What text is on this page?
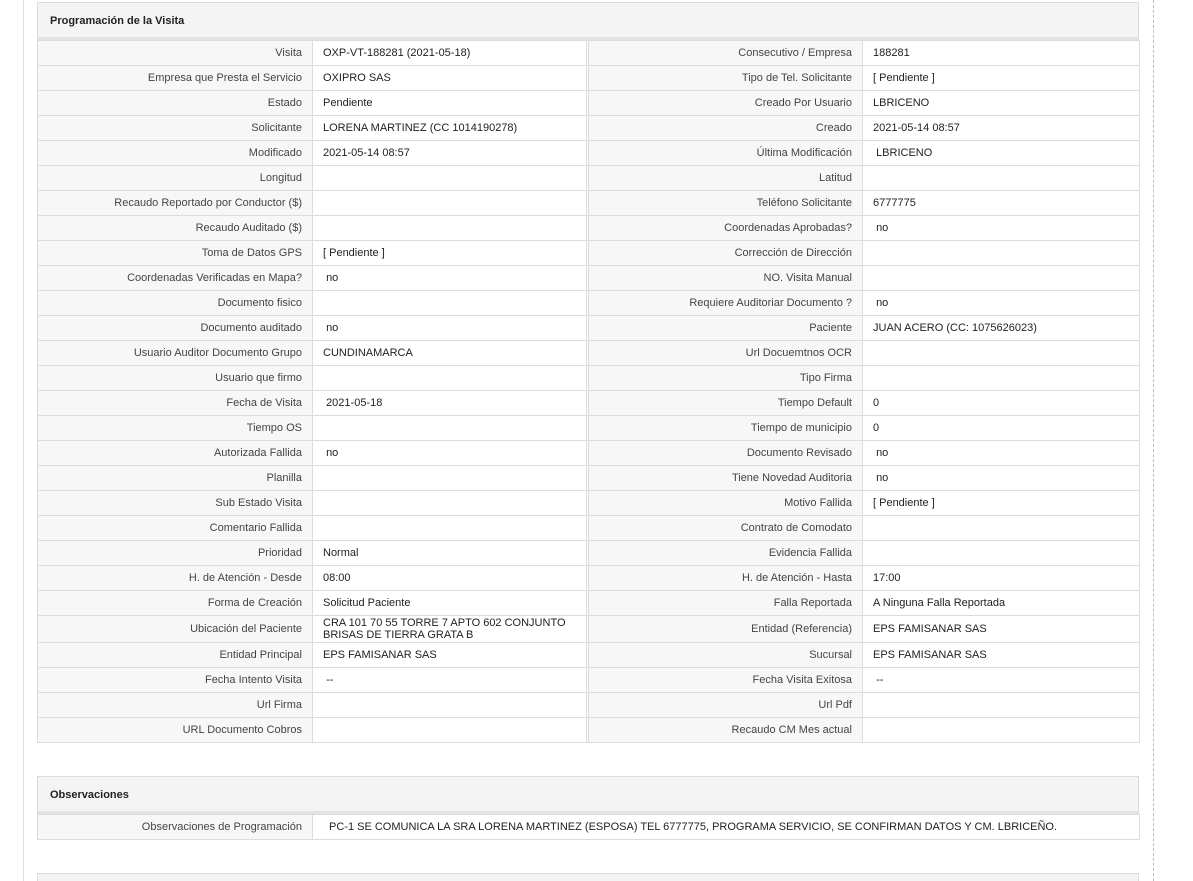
Programación de la Visita
Visita	OXP-VT-188281 (2021-05-18)		Consecutivo / Empresa	188281
Empresa que Presta el Servicio	OXIPRO SAS		Tipo de Tel. Solicitante	[ Pendiente ]
Estado	Pendiente		Creado Por Usuario	LBRICENO
Solicitante	LORENA MARTINEZ (CC 1014190278)		Creado	2021-05-14 08:57
Modificado	2021-05-14 08:57		Última Modificación	LBRICENO
Longitud			Latitud	
Recaudo Reportado por Conductor ($)			Teléfono Solicitante	6777775
Recaudo Auditado ($)			Coordenadas Aprobadas?	no
Toma de Datos GPS	[ Pendiente ]		Corrección de Dirección	
Coordenadas Verificadas en Mapa?	no		NO. Visita Manual	
Documento fisico			Requiere Auditoriar Documento ?	no
Documento auditado	no		Paciente	JUAN ACERO (CC: 1075626023)
Usuario Auditor Documento Grupo	CUNDINAMARCA		Url Docuemtnos OCR	
Usuario que firmo			Tipo Firma	
Fecha de Visita	2021-05-18		Tiempo Default	0
Tiempo OS			Tiempo de municipio	0
Autorizada Fallida	no		Documento Revisado	no
Planilla			Tiene Novedad Auditoria	no
Sub Estado Visita			Motivo Fallida	[ Pendiente ]
Comentario Fallida			Contrato de Comodato	
Prioridad	Normal		Evidencia Fallida	
H. de Atención - Desde	08:00		H. de Atención - Hasta	17:00
Forma de Creación	Solicitud Paciente		Falla Reportada	A Ninguna Falla Reportada
Ubicación del Paciente	CRA 101 70 55 TORRE 7 APTO 602 CONJUNTO BRISAS DE TIERRA GRATA B		Entidad (Referencia)	EPS FAMISANAR SAS
Entidad Principal	EPS FAMISANAR SAS		Sucursal	EPS FAMISANAR SAS
Fecha Intento Visita	--		Fecha Visita Exitosa	--
Url Firma			Url Pdf	
URL Documento Cobros			Recaudo CM Mes actual	
Observaciones
Observaciones de Programación	PC-1 SE COMUNICA LA SRA LORENA MARTINEZ (ESPOSA) TEL 6777775, PROGRAMA SERVICIO, SE CONFIRMAN DATOS Y CM. LBRICEÑO.
